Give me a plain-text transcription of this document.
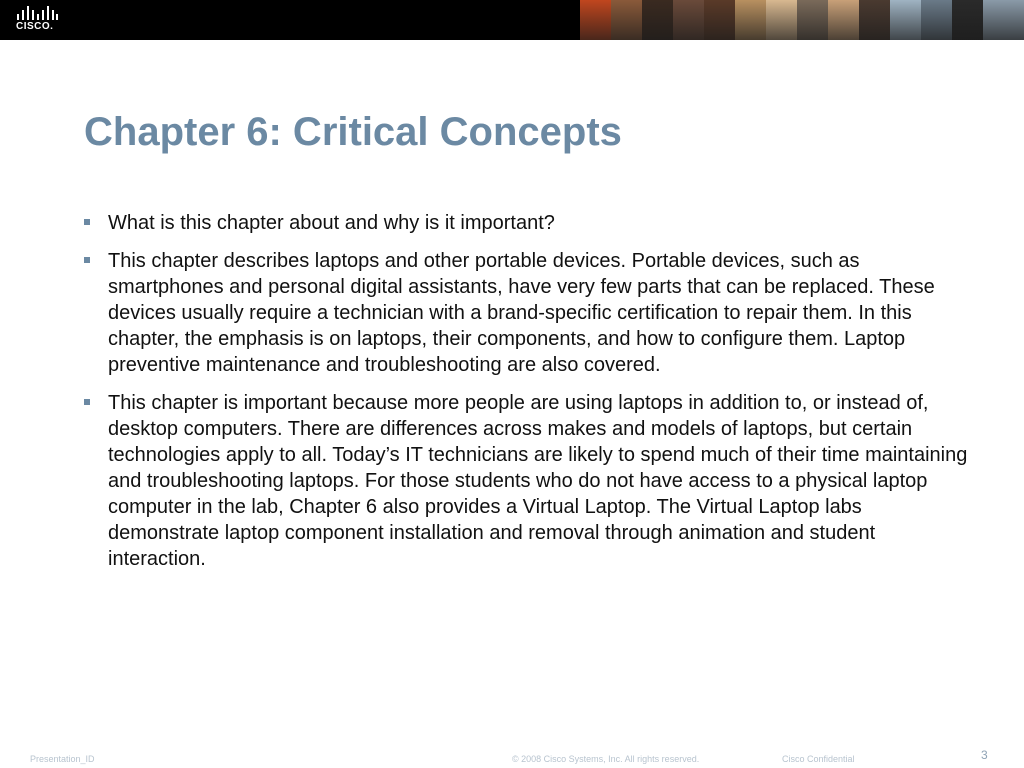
CISCO.
Chapter 6: Critical Concepts
What is this chapter about and why is it important?
This chapter describes laptops and other portable devices. Portable devices, such as smartphones and personal digital assistants, have very few parts that can be replaced. These devices usually require a technician with a brand-specific certification to repair them. In this chapter, the emphasis is on laptops, their components, and how to configure them. Laptop preventive maintenance and troubleshooting are also covered.
This chapter is important because more people are using laptops in addition to, or instead of, desktop computers. There are differences across makes and models of laptops, but certain technologies apply to all. Today’s IT technicians are likely to spend much of their time maintaining and troubleshooting laptops. For those students who do not have access to a physical laptop computer in the lab, Chapter 6 also provides a Virtual Laptop. The Virtual Laptop labs demonstrate laptop component installation and removal through animation and student interaction.
Presentation_ID	© 2008 Cisco Systems, Inc. All rights reserved.	Cisco Confidential	3
